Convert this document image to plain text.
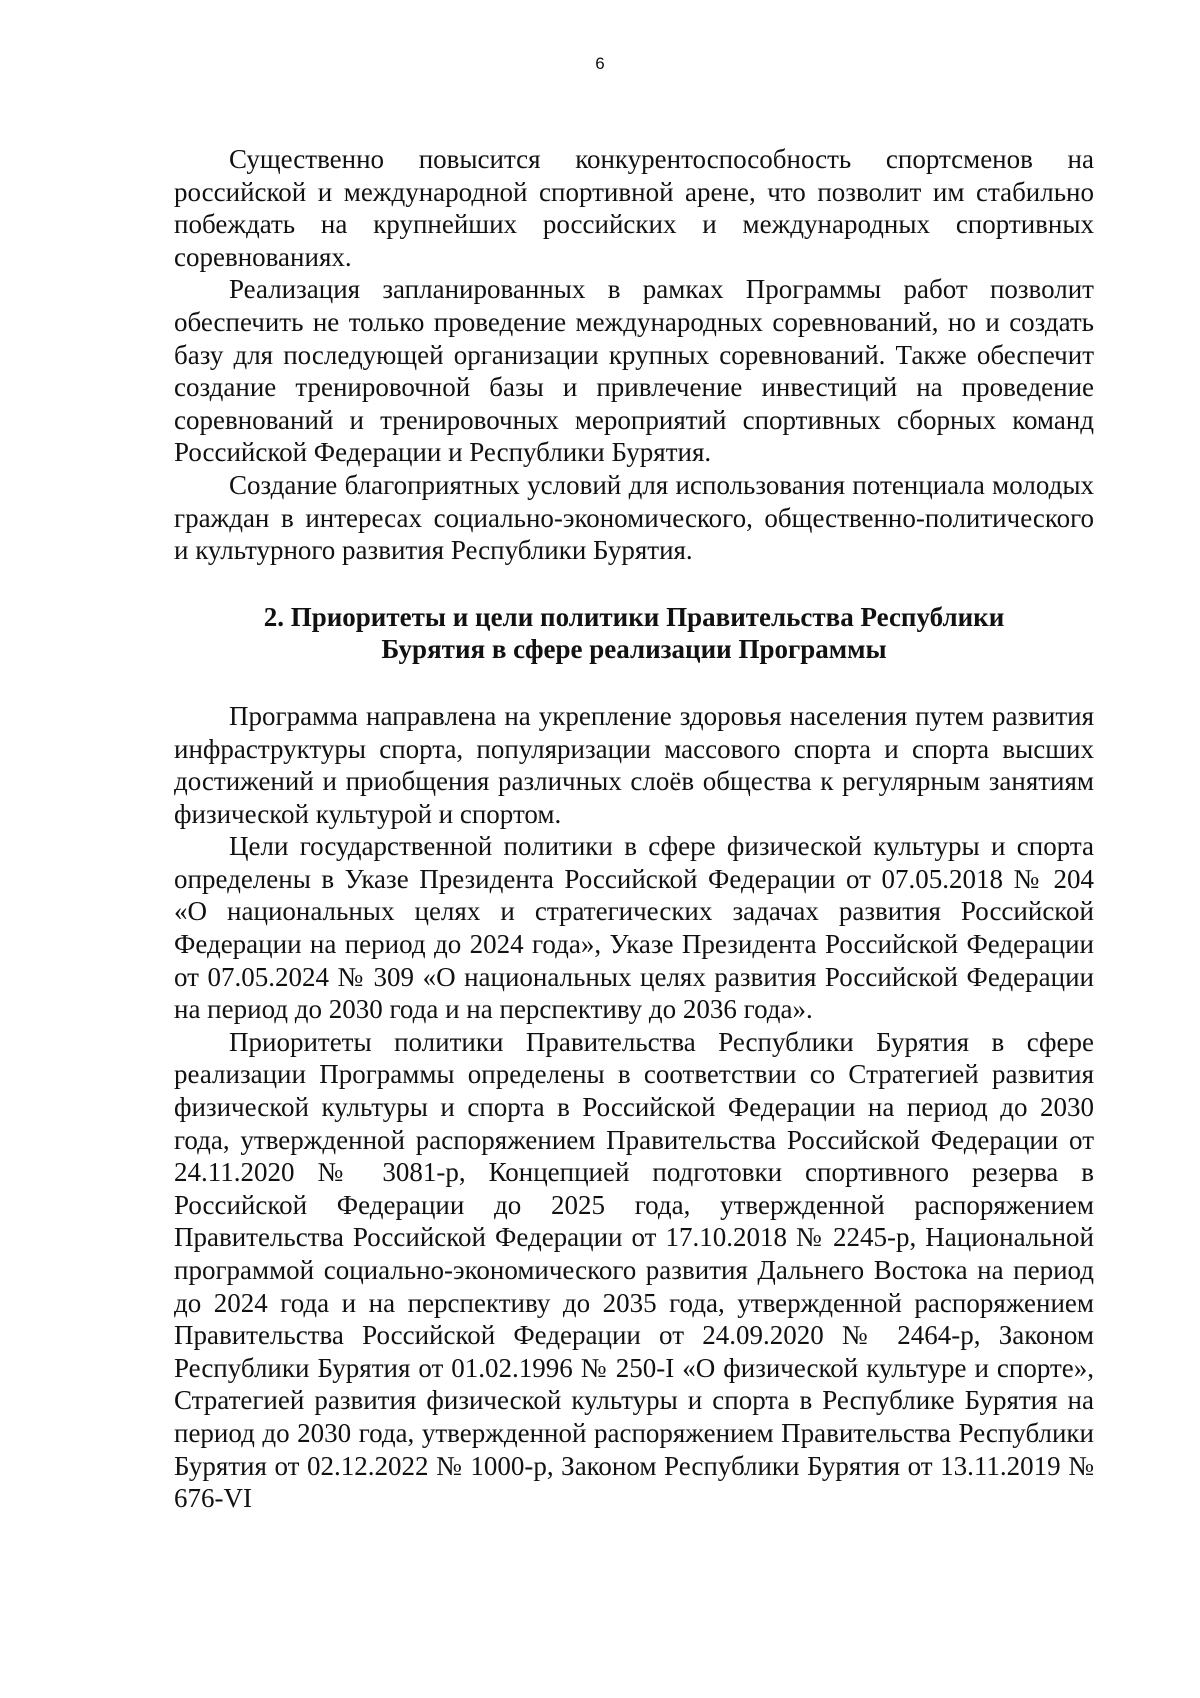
6

Существенно повысится конкурентоспособность спортсменов на российской и международной спортивной арене, что позволит им стабильно побеждать на крупнейших российских и международных спортивных соревнованиях.

Реализация запланированных в рамках Программы работ позволит обеспечить не только проведение международных соревнований, но и создать базу для последующей организации крупных соревнований. Также обеспечит создание тренировочной базы и привлечение инвестиций на проведение соревнований и тренировочных мероприятий спортивных сборных команд Российской Федерации и Республики Бурятия.

Создание благоприятных условий для использования потенциала молодых граждан в интересах социально-экономического, общественно-политического и культурного развития Республики Бурятия.

2. Приоритеты и цели политики Правительства Республики
Бурятия в сфере реализации Программы

Программа направлена на укрепление здоровья населения путем развития инфраструктуры спорта, популяризации массового спорта и спорта высших достижений и приобщения различных слоёв общества к регулярным занятиям физической культурой и спортом.

Цели государственной политики в сфере физической культуры и спорта определены в Указе Президента Российской Федерации от 07.05.2018 № 204 «О национальных целях и стратегических задачах развития Российской Федерации на период до 2024 года», Указе Президента Российской Федерации от 07.05.2024 № 309 «О национальных целях развития Российской Федерации на период до 2030 года и на перспективу до 2036 года».

Приоритеты политики Правительства Республики Бурятия в сфере реализации Программы определены в соответствии со Стратегией развития физической культуры и спорта в Российской Федерации на период до 2030 года, утвержденной распоряжением Правительства Российской Федерации от 24.11.2020 № 3081-р, Концепцией подготовки спортивного резерва в Российской Федерации до 2025 года, утвержденной распоряжением Правительства Российской Федерации от 17.10.2018 № 2245-р, Национальной программой социально-экономического развития Дальнего Востока на период до 2024 года и на перспективу до 2035 года, утвержденной распоряжением Правительства Российской Федерации от 24.09.2020 № 2464-р, Законом Республики Бурятия от 01.02.1996 № 250-I «О физической культуре и спорте», Стратегией развития физической культуры и спорта в Республике Бурятия на период до 2030 года, утвержденной распоряжением Правительства Республики Бурятия от 02.12.2022 № 1000-р, Законом Республики Бурятия от 13.11.2019 № 676-VI
